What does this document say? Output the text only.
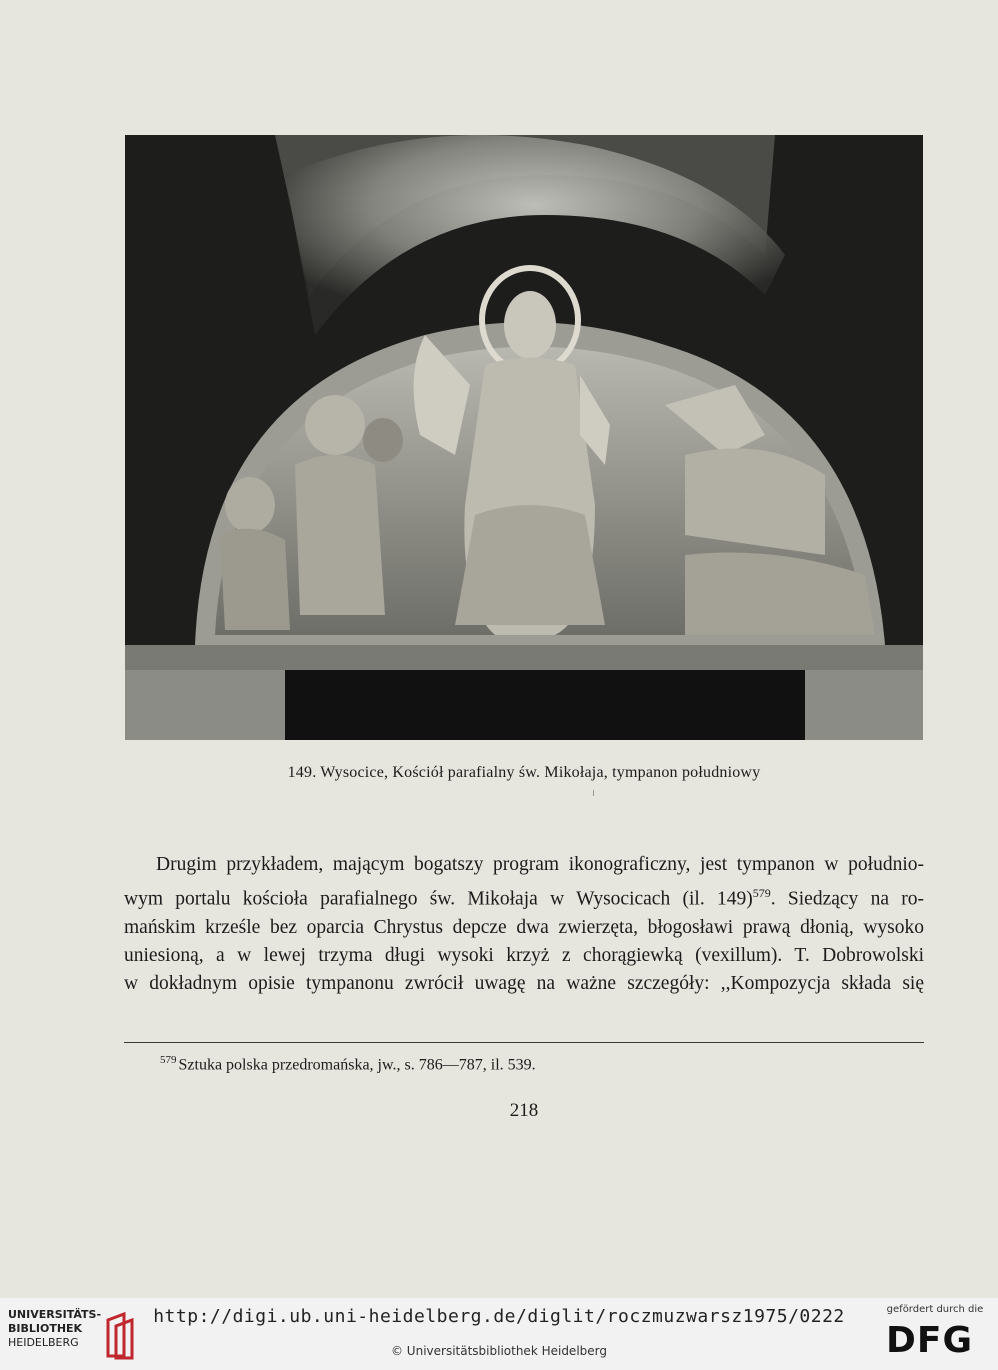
149. Wysocice, Kościół parafialny św. Mikołaja, tympanon południowy
Drugim przykładem, mającym bogatszy program ikonograficzny, jest tympanon w południo-
wym portalu kościoła parafialnego św. Mikołaja w Wysocicach (il. 149)$^{579}$. Siedzący na ro-
mańskim krześle bez oparcia Chrystus depcze dwa zwierzęta, błogosławi prawą dłonią, wysoko
uniesioną, a w lewej trzyma długi wysoki krzyż z chorągiewką (vexillum). T. Dobrowolski
w dokładnym opisie tympanonu zwrócił uwagę na ważne szczegóły: ,,Kompozycja składa się
$^{579}$ Sztuka polska przedromańska, jw., s. 786—787, il. 539.
218
UNIVERSITÄTS-
BIBLIOTHEK
HEIDELBERG
http://digi.ub.uni-heidelberg.de/diglit/roczmuzwarsz1975/0222
© Universitätsbibliothek Heidelberg
gefördert durch die
DFG
